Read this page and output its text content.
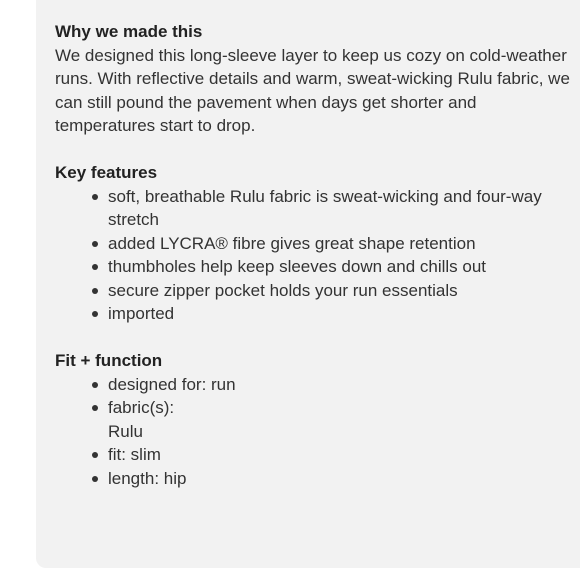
Why we made this

We designed this long-sleeve layer to keep us cozy on cold-weather runs. With reflective details and warm, sweat-wicking Rulu fabric, we can still pound the pavement when days get shorter and temperatures start to drop.

Key features
soft, breathable Rulu fabric is sweat-wicking and four-way stretch
added LYCRA® fibre gives great shape retention
thumbholes help keep sleeves down and chills out
secure zipper pocket holds your run essentials
imported
Fit + function
designed for: run
fabric(s):
Rulu
fit: slim
length: hip
